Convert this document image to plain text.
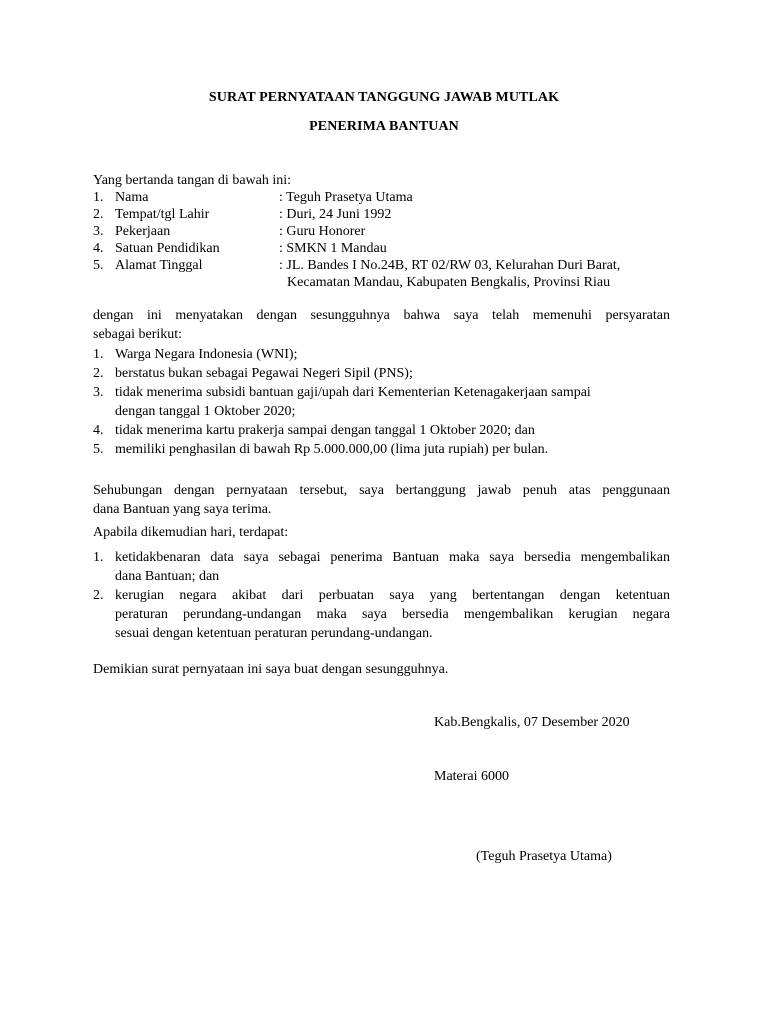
SURAT PERNYATAAN TANGGUNG JAWAB MUTLAK
PENERIMA BANTUAN
Yang bertanda tangan di bawah ini:
1. Nama	: Teguh Prasetya Utama
2. Tempat/tgl Lahir	: Duri, 24 Juni 1992
3. Pekerjaan	: Guru Honorer
4. Satuan Pendidikan	: SMKN 1 Mandau
5. Alamat Tinggal	: JL. Bandes I No.24B, RT 02/RW 03, Kelurahan Duri Barat,
Kecamatan Mandau, Kabupaten Bengkalis, Provinsi Riau
dengan ini menyatakan dengan sesungguhnya bahwa saya telah memenuhi persyaratan
sebagai berikut:
1. Warga Negara Indonesia (WNI);
2. berstatus bukan sebagai Pegawai Negeri Sipil (PNS);
3. tidak menerima subsidi bantuan gaji/upah dari Kementerian Ketenagakerjaan sampai
dengan tanggal 1 Oktober 2020;
4. tidak menerima kartu prakerja sampai dengan tanggal 1 Oktober 2020; dan
5. memiliki penghasilan di bawah Rp 5.000.000,00 (lima juta rupiah) per bulan.
Sehubungan dengan pernyataan tersebut, saya bertanggung jawab penuh atas penggunaan
dana Bantuan yang saya terima.
Apabila dikemudian hari, terdapat:
1. ketidakbenaran data saya sebagai penerima Bantuan maka saya bersedia mengembalikan
dana Bantuan; dan
2. kerugian negara akibat dari perbuatan saya yang bertentangan dengan ketentuan
peraturan perundang-undangan maka saya bersedia mengembalikan kerugian negara
sesuai dengan ketentuan peraturan perundang-undangan.
Demikian surat pernyataan ini saya buat dengan sesungguhnya.
Kab.Bengkalis, 07 Desember 2020
Materai 6000
(Teguh Prasetya Utama)
